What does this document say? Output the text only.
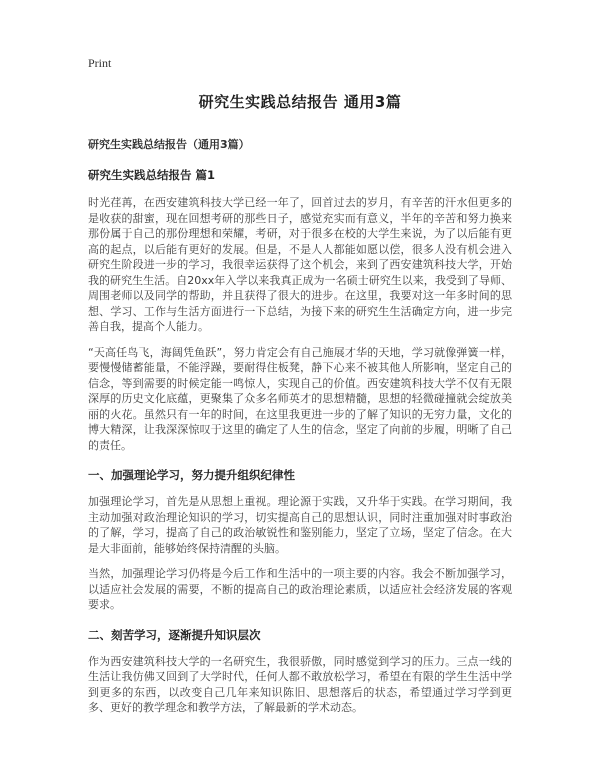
Print
研究生实践总结报告 通用3篇
研究生实践总结报告（通用3篇）
研究生实践总结报告 篇1

时光荏苒，在西安建筑科技大学已经一年了，回首过去的岁月，有辛苦的汗水但更多的是收获的甜蜜，现在回想考研的那些日子，感觉充实而有意义，半年的辛苦和努力换来那份属于自己的那份理想和荣耀，考研，对于很多在校的大学生来说，为了以后能有更高的起点，以后能有更好的发展。但是，不是人人都能如愿以偿，很多人没有机会进入研究生阶段进一步的学习，我很幸运获得了这个机会，来到了西安建筑科技大学，开始我的研究生生活。自20xx年入学以来我真正成为一名硕士研究生以来，我受到了导师、周围老师以及同学的帮助，并且获得了很大的进步。在这里，我要对这一年多时间的思想、学习、工作与生活方面进行一下总结，为接下来的研究生生活确定方向，进一步完善自我，提高个人能力。

“天高任鸟飞，海阔凭鱼跃”，努力肯定会有自己施展才华的天地，学习就像弹簧一样，要慢慢储蓄能量，不能浮躁，要耐得住板凳，静下心来不被其他人所影响，坚定自己的信念，等到需要的时候定能一鸣惊人，实现自己的价值。西安建筑科技大学不仅有无限深厚的历史文化底蕴，更聚集了众多名师英才的思想精髓，思想的轻微碰撞就会绽放美丽的火花。虽然只有一年的时间，在这里我更进一步的了解了知识的无穷力量，文化的博大精深，让我深深惊叹于这里的确定了人生的信念，坚定了向前的步履，明晰了自己的责任。

一、加强理论学习，努力提升组织纪律性

加强理论学习，首先是从思想上重视。理论源于实践，又升华于实践。在学习期间，我主动加强对政治理论知识的学习，切实提高自己的思想认识，同时注重加强对时事政治的了解，学习，提高了自己的政治敏锐性和鉴别能力，坚定了立场，坚定了信念。在大是大非面前，能够始终保持清醒的头脑。

当然，加强理论学习仍将是今后工作和生活中的一项主要的内容。我会不断加强学习，以适应社会发展的需要，不断的提高自己的政治理论素质，以适应社会经济发展的客观要求。

二、刻苦学习，逐渐提升知识层次

作为西安建筑科技大学的一名研究生，我很骄傲，同时感觉到学习的压力。三点一线的生活让我仿佛又回到了大学时代，任何人都不敢放松学习，希望在有限的学生生活中学到更多的东西，以改变自己几年来知识陈旧、思想落后的状态，希望通过学习学到更多、更好的教学理念和教学方法，了解最新的学术动态。
